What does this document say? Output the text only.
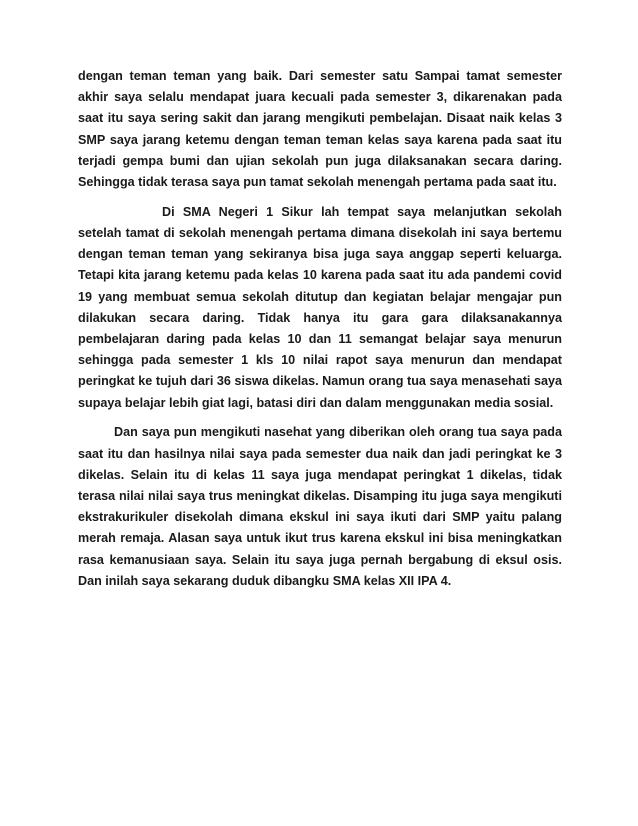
dengan teman teman yang baik. Dari semester satu Sampai tamat semester akhir saya selalu mendapat juara kecuali pada semester 3, dikarenakan pada saat itu saya sering sakit dan jarang mengikuti pembelajan. Disaat naik kelas 3 SMP saya jarang ketemu dengan teman teman kelas saya karena pada saat itu terjadi gempa bumi dan ujian sekolah pun juga dilaksanakan secara daring. Sehingga tidak terasa saya pun tamat sekolah menengah pertama pada saat itu.

Di SMA Negeri 1 Sikur lah tempat saya melanjutkan sekolah setelah tamat di sekolah menengah pertama dimana disekolah ini saya bertemu dengan teman teman yang sekiranya bisa juga saya anggap seperti keluarga. Tetapi kita jarang ketemu pada kelas 10 karena pada saat itu ada pandemi covid 19 yang membuat semua sekolah ditutup dan kegiatan belajar mengajar pun dilakukan secara daring. Tidak hanya itu gara gara dilaksanakannya pembelajaran daring pada kelas 10 dan 11 semangat belajar saya menurun sehingga pada semester 1 kls 10 nilai rapot saya menurun dan mendapat peringkat ke tujuh dari 36 siswa dikelas. Namun orang tua saya menasehati saya supaya belajar lebih giat lagi, batasi diri dan dalam menggunakan media sosial.

Dan saya pun mengikuti nasehat yang diberikan oleh orang tua saya pada saat itu dan hasilnya nilai saya pada semester dua naik dan jadi peringkat ke 3 dikelas. Selain itu di kelas 11 saya juga mendapat peringkat 1 dikelas, tidak terasa nilai nilai saya trus meningkat dikelas. Disamping itu juga saya mengikuti ekstrakurikuler disekolah dimana ekskul ini saya ikuti dari SMP yaitu palang merah remaja. Alasan saya untuk ikut trus karena ekskul ini bisa meningkatkan rasa kemanusiaan saya. Selain itu saya juga pernah bergabung di eksul osis. Dan inilah saya sekarang duduk dibangku SMA kelas XII IPA 4.
